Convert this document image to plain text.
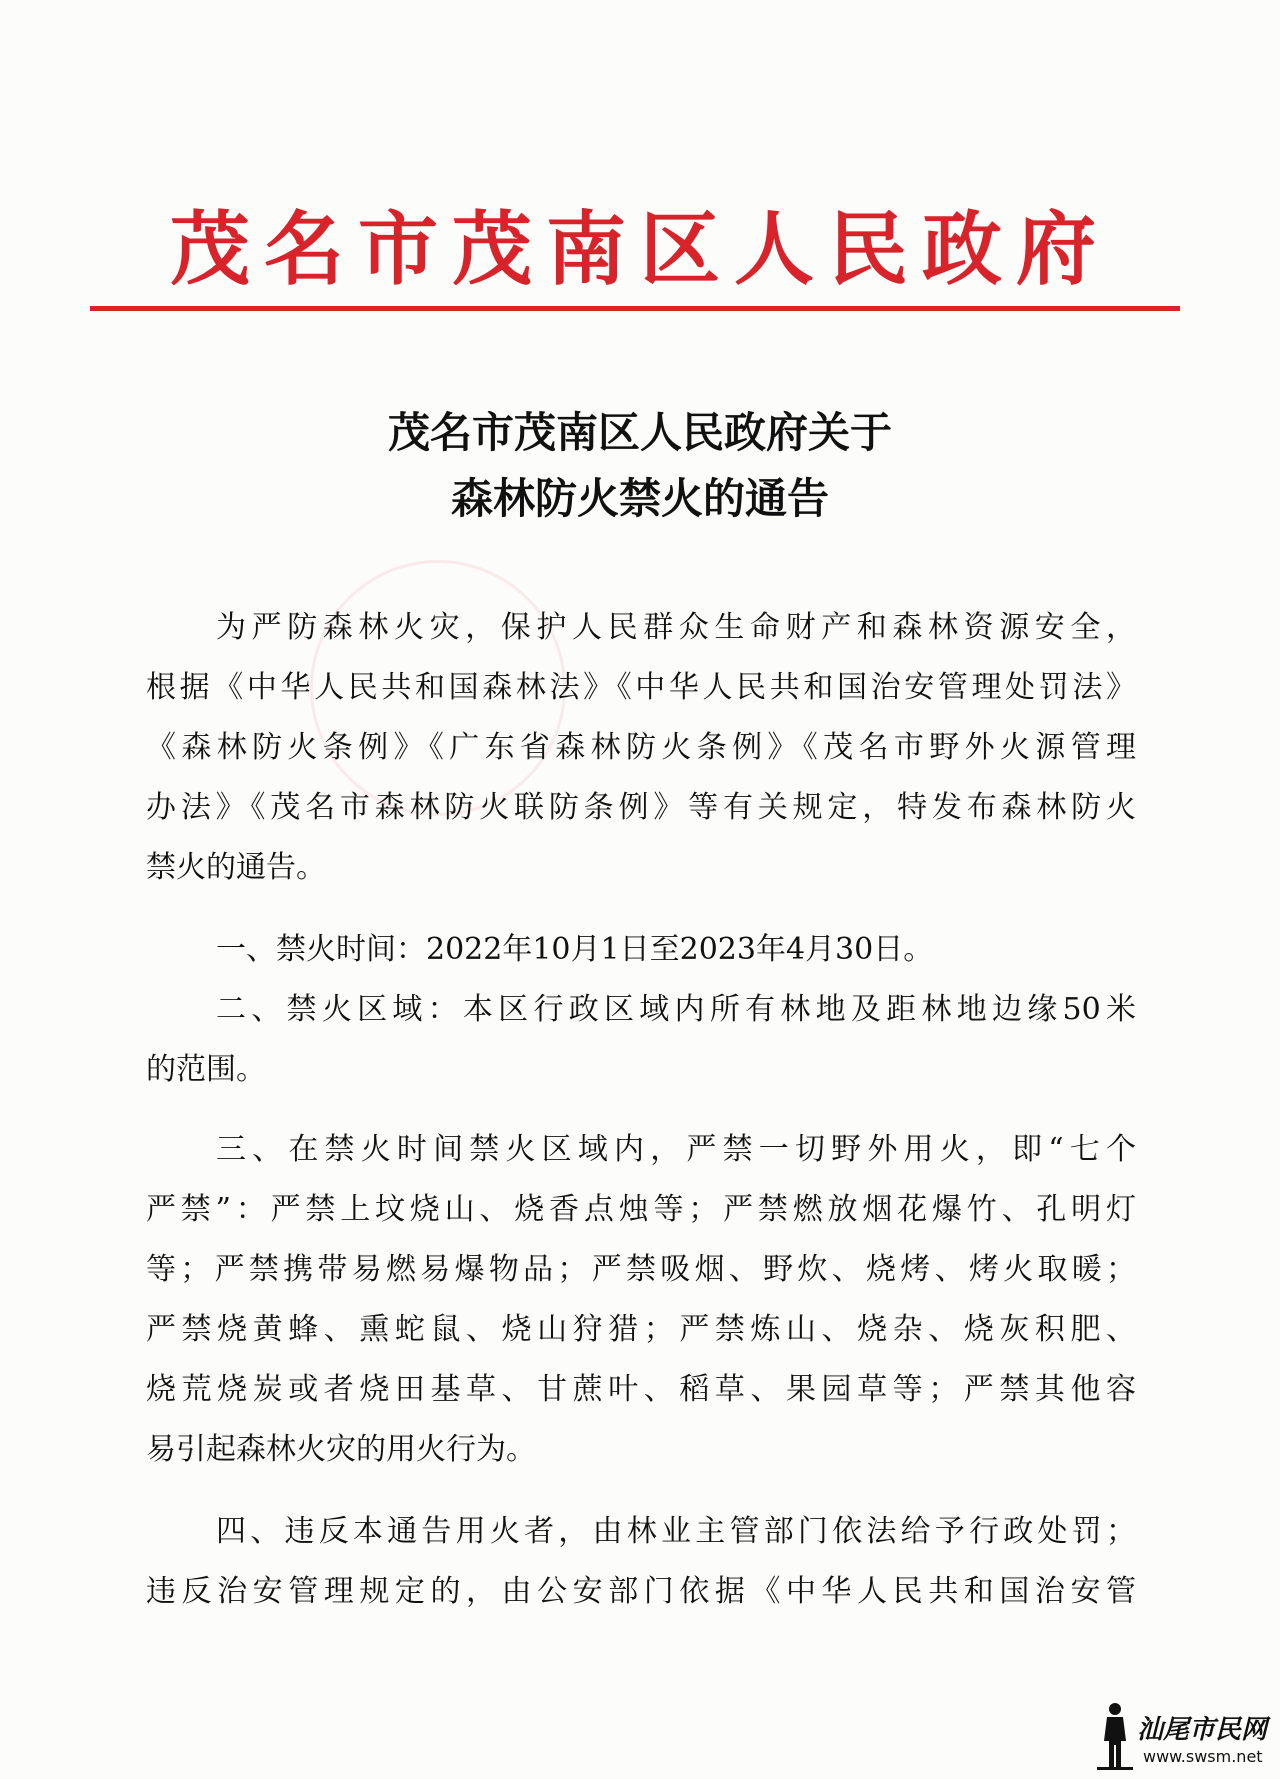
茂名市茂南区人民政府
茂名市茂南区人民政府关于
森林防火禁火的通告
为严防森林火灾，保护人民群众生命财产和森林资源安全，
根据《中华人民共和国森林法》《中华人民共和国治安管理处罚法》
《森林防火条例》《广东省森林防火条例》《茂名市野外火源管理
办法》《茂名市森林防火联防条例》等有关规定，特发布森林防火
禁火的通告。
一、禁火时间：2022年10月1日至2023年4月30日。
二、禁火区域：本区行政区域内所有林地及距林地边缘50米
的范围。
三、在禁火时间禁火区域内，严禁一切野外用火，即“七个
严禁”：严禁上坟烧山、烧香点烛等；严禁燃放烟花爆竹、孔明灯
等；严禁携带易燃易爆物品；严禁吸烟、野炊、烧烤、烤火取暖；
严禁烧黄蜂、熏蛇鼠、烧山狩猎；严禁炼山、烧杂、烧灰积肥、
烧荒烧炭或者烧田基草、甘蔗叶、稻草、果园草等；严禁其他容
易引起森林火灾的用火行为。
四、违反本通告用火者，由林业主管部门依法给予行政处罚；
违反治安管理规定的，由公安部门依据《中华人民共和国治安管
汕尾市民网
www.swsm.net
